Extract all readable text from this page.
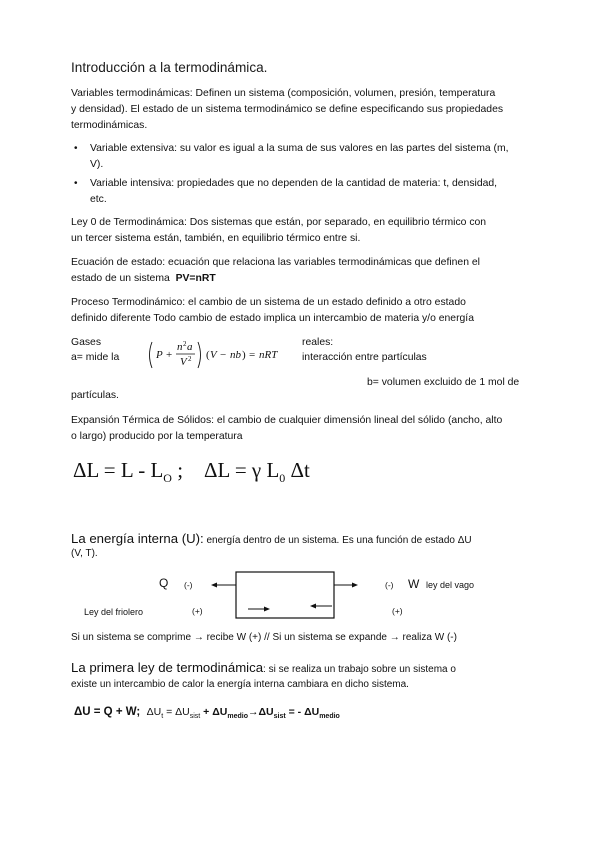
Introducción a la termodinámica.
Variables termodinámicas: Definen un sistema (composición, volumen, presión, temperatura
y densidad). El estado de un sistema termodinámico se define especificando sus propiedades
termodinámicas.
• Variable extensiva: su valor es igual a la suma de sus valores en las partes del sistema (m,
V).
• Variable intensiva: propiedades que no dependen de la cantidad de materia: t, densidad,
etc.
Ley 0 de Termodinámica: Dos sistemas que están, por separado, en equilibrio térmico con
un tercer sistema están, también, en equilibrio térmico entre si.
Ecuación de estado: ecuación que relaciona las variables termodinámicas que definen el
estado de un sistema PV=nRT
Proceso Termodinámico: el cambio de un sistema de un estado definido a otro estado
definido diferente Todo cambio de estado implica un intercambio de materia y/o energía
Gases
a= mide la	P +
n 2 a
V 2 ( V − nb ) = nRT
reales:
interacción entre partículas
b= volumen excluido de 1 mol de
partículas.
Expansión Térmica de Sólidos: el cambio de cualquier dimensión lineal del sólido (ancho, alto
o largo) producido por la temperatura
$\Delta L = L - L_O$ ;    ΔL = γ $L_0$ Δt
La energía interna (U): energía dentro de un sistema. Es una función de estado ΔU
(V, T).
Q (-)	(-) W ley del vago
Ley del friolero	(+)	(+)
Si un sistema se comprime → recibe W (+) // Si un sistema se expande → realiza W (-)
La primera ley de termodinámica: si se realiza un trabajo sobre un sistema o
existe un intercambio de calor la energía interna cambiara en dicho sistema.
ΔU = Q + W; $\Delta U_t = \Delta U_{sist} + \Delta U_{medio}\to\Delta U_{sist}$ = - $\Delta U_{medio}$
